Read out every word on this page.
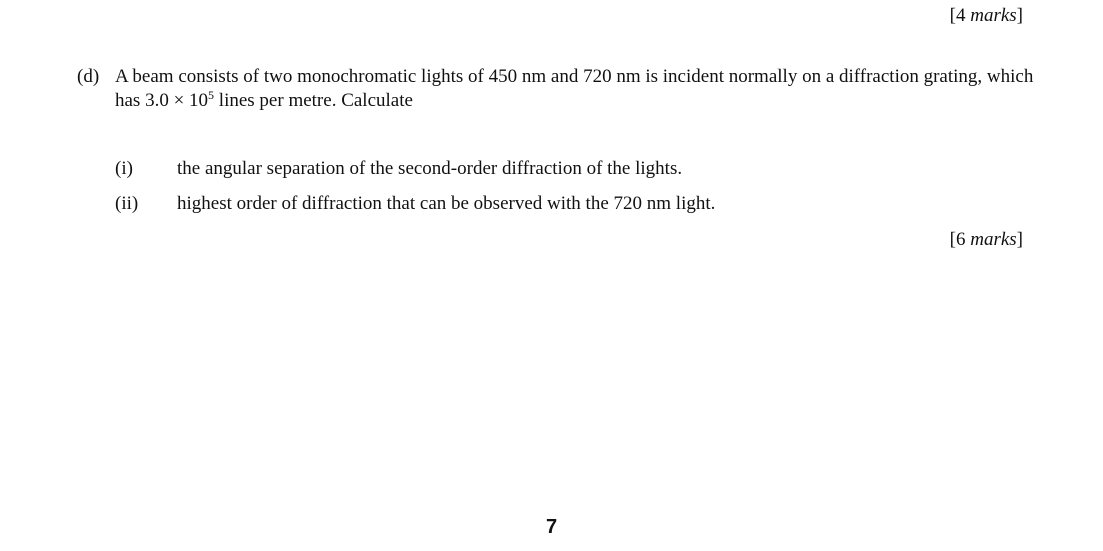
[4 marks]
(d) A beam consists of two monochromatic lights of 450 nm and 720 nm is incident normally on a diffraction grating, which has $3.0 \times 10^5$ lines per metre. Calculate
(i) the angular separation of the second-order diffraction of the lights.
(ii) highest order of diffraction that can be observed with the 720 nm light.
[6 marks]
7
